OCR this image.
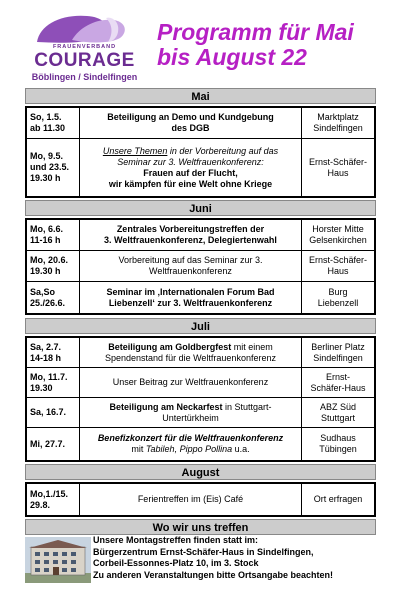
FRAUENVERBAND
COURAGE
Böblingen / Sindelfingen
Programm für Mai
bis August 22
Mai
So, 1.5.
ab 11.30
Beteiligung an Demo und Kundgebung
des DGB
Marktplatz
Sindelfingen
Mo, 9.5.
und 23.5.
19.30 h
Unsere Themen in der Vorbereitung auf das
Seminar zur 3. Weltfrauenkonferenz:
Frauen auf der Flucht,
wir kämpfen für eine Welt ohne Kriege
Ernst-Schäfer-
Haus
Juni
Mo, 6.6.
11-16 h
Zentrales Vorbereitungstreffen der
3. Weltfrauenkonferenz, Delegiertenwahl
Horster Mitte
Gelsenkirchen
Mo, 20.6.
19.30 h
Vorbereitung auf das Seminar zur 3.
Weltfrauenkonferenz
Ernst-Schäfer-
Haus
Sa,So
25./26.6.
Seminar im ‚Internationalen Forum Bad
Liebenzell‘ zur 3. Weltfrauenkonferenz
Burg
Liebenzell
Juli
Sa, 2.7.
14-18 h
Beteiligung am Goldbergfest mit einem
Spendenstand für die Weltfrauenkonferenz
Berliner Platz
Sindelfingen
Mo, 11.7.
19.30
Unser Beitrag zur Weltfrauenkonferenz
Ernst-
Schäfer-Haus
Sa, 16.7.
Beteiligung am Neckarfest in Stuttgart-
Untertürkheim
ABZ Süd
Stuttgart
Mi, 27.7.
Benefizkonzert für die Weltfrauenkonferenz
mit Tabileh, Pippo Pollina u.a.
Sudhaus
Tübingen
August
Mo,1./15.
29.8.
Ferientreffen im (Eis) Café	Ort erfragen
Wo wir uns treffen
Unsere Montagstreffen finden statt im:
Bürgerzentrum Ernst-Schäfer-Haus in Sindelfingen,
Corbeil-Essonnes-Platz 10, im 3. Stock
Zu anderen Veranstaltungen bitte Ortsangabe beachten!
